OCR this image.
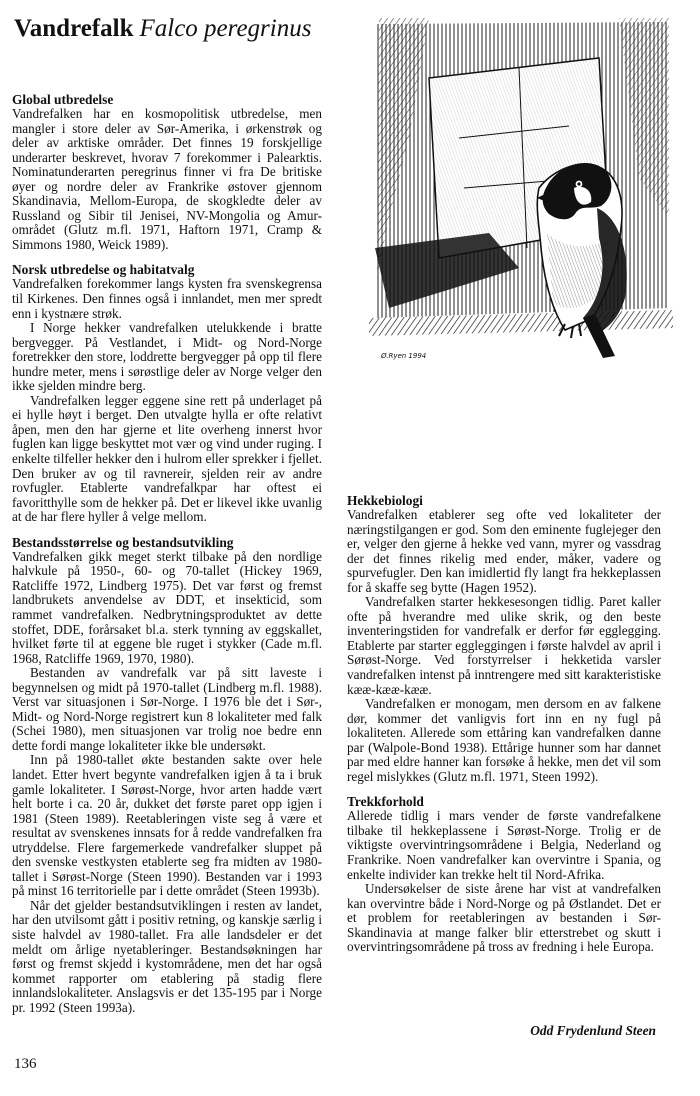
Vandrefalk Falco peregrinus
Ø.Ryen 1994
Global utbredelse

Vandrefalken har en kosmopolitisk utbredelse, men mangler i store deler av Sør-Amerika, i ørkenstrøk og deler av arktiske områder. Det finnes 19 forskjellige underarter beskrevet, hvorav 7 forekommer i Palearktis. Nominatunderarten peregrinus finner vi fra De britiske øyer og nordre deler av Frankrike østover gjennom Skandinavia, Mellom-Europa, de skogkledte deler av Russland og Sibir til Jenisei, NV-Mongolia og Amur-området (Glutz m.fl. 1971, Haftorn 1971, Cramp & Simmons 1980, Weick 1989).

Norsk utbredelse og habitatvalg

Vandrefalken forekommer langs kysten fra svenskegrensa til Kirkenes. Den finnes også i innlandet, men mer spredt enn i kystnære strøk.

I Norge hekker vandrefalken utelukkende i bratte bergvegger. På Vestlandet, i Midt- og Nord-Norge foretrekker den store, loddrette bergvegger på opp til flere hundre meter, mens i sørøstlige deler av Norge velger den ikke sjelden mindre berg.

Vandrefalken legger eggene sine rett på underlaget på ei hylle høyt i berget. Den utvalgte hylla er ofte relativt åpen, men den har gjerne et lite overheng innerst hvor fuglen kan ligge beskyttet mot vær og vind under ruging. I enkelte tilfeller hekker den i hulrom eller sprekker i fjellet. Den bruker av og til ravnereir, sjelden reir av andre rovfugler. Etablerte vandrefalkpar har oftest ei favoritthylle som de hekker på. Det er likevel ikke uvanlig at de har flere hyller å velge mellom.

Bestandsstørrelse og bestandsutvikling

Vandrefalken gikk meget sterkt tilbake på den nordlige halvkule på 1950-, 60- og 70-tallet (Hickey 1969, Ratcliffe 1972, Lindberg 1975). Det var først og fremst landbrukets anvendelse av DDT, et insekticid, som rammet vandrefalken. Nedbrytningsproduktet av dette stoffet, DDE, forårsaket bl.a. sterk tynning av eggskallet, hvilket førte til at eggene ble ruget i stykker (Cade m.fl. 1968, Ratcliffe 1969, 1970, 1980).

Bestanden av vandrefalk var på sitt laveste i begynnelsen og midt på 1970-tallet (Lindberg m.fl. 1988). Verst var situasjonen i Sør-Norge. I 1976 ble det i Sør-, Midt- og Nord-Norge registrert kun 8 lokaliteter med falk (Schei 1980), men situasjonen var trolig noe bedre enn dette fordi mange lokaliteter ikke ble undersøkt.

Inn på 1980-tallet økte bestanden sakte over hele landet. Etter hvert begynte vandrefalken igjen å ta i bruk gamle lokaliteter. I Sørøst-Norge, hvor arten hadde vært helt borte i ca. 20 år, dukket det første paret opp igjen i 1981 (Steen 1989). Reetableringen viste seg å være et resultat av svenskenes innsats for å redde vandrefalken fra utryddelse. Flere fargemerkede vandrefalker sluppet på den svenske vestkysten etablerte seg fra midten av 1980-tallet i Sørøst-Norge (Steen 1990). Bestanden var i 1993 på minst 16 territorielle par i dette området (Steen 1993b).

Når det gjelder bestandsutviklingen i resten av landet, har den utvilsomt gått i positiv retning, og kanskje særlig i siste halvdel av 1980-tallet. Fra alle landsdeler er det meldt om årlige nyetableringer. Bestandsøkningen har først og fremst skjedd i kystområdene, men det har også kommet rapporter om etablering på stadig flere innlandslokaliteter. Anslagsvis er det 135-195 par i Norge pr. 1992 (Steen 1993a).

Hekkebiologi

Vandrefalken etablerer seg ofte ved lokaliteter der næringstilgangen er god. Som den eminente fuglejeger den er, velger den gjerne å hekke ved vann, myrer og vassdrag der det finnes rikelig med ender, måker, vadere og spurvefugler. Den kan imidlertid fly langt fra hekkeplassen for å skaffe seg bytte (Hagen 1952).

Vandrefalken starter hekkesesongen tidlig. Paret kaller ofte på hverandre med ulike skrik, og den beste inventeringstiden for vandrefalk er derfor før egglegging. Etablerte par starter eggleggingen i første halvdel av april i Sørøst-Norge. Ved forstyrrelser i hekketida varsler vandrefalken intenst på inntrengere med sitt karakteristiske kææ-kææ-kææ.

Vandrefalken er monogam, men dersom en av falkene dør, kommer det vanligvis fort inn en ny fugl på lokaliteten. Allerede som ettåring kan vandrefalken danne par (Walpole-Bond 1938). Ettårige hunner som har dannet par med eldre hanner kan forsøke å hekke, men det vil som regel mislykkes (Glutz m.fl. 1971, Steen 1992).

Trekkforhold

Allerede tidlig i mars vender de første vandrefalkene tilbake til hekkeplassene i Sørøst-Norge. Trolig er de viktigste overvintringsområdene i Belgia, Nederland og Frankrike. Noen vandrefalker kan overvintre i Spania, og enkelte individer kan trekke helt til Nord-Afrika.

Undersøkelser de siste årene har vist at vandrefalken kan overvintre både i Nord-Norge og på Østlandet. Det er et problem for reetableringen av bestanden i Sør-Skandinavia at mange falker blir etterstrebet og skutt i overvintringsområdene på tross av fredning i hele Europa.

Odd Frydenlund Steen
136
